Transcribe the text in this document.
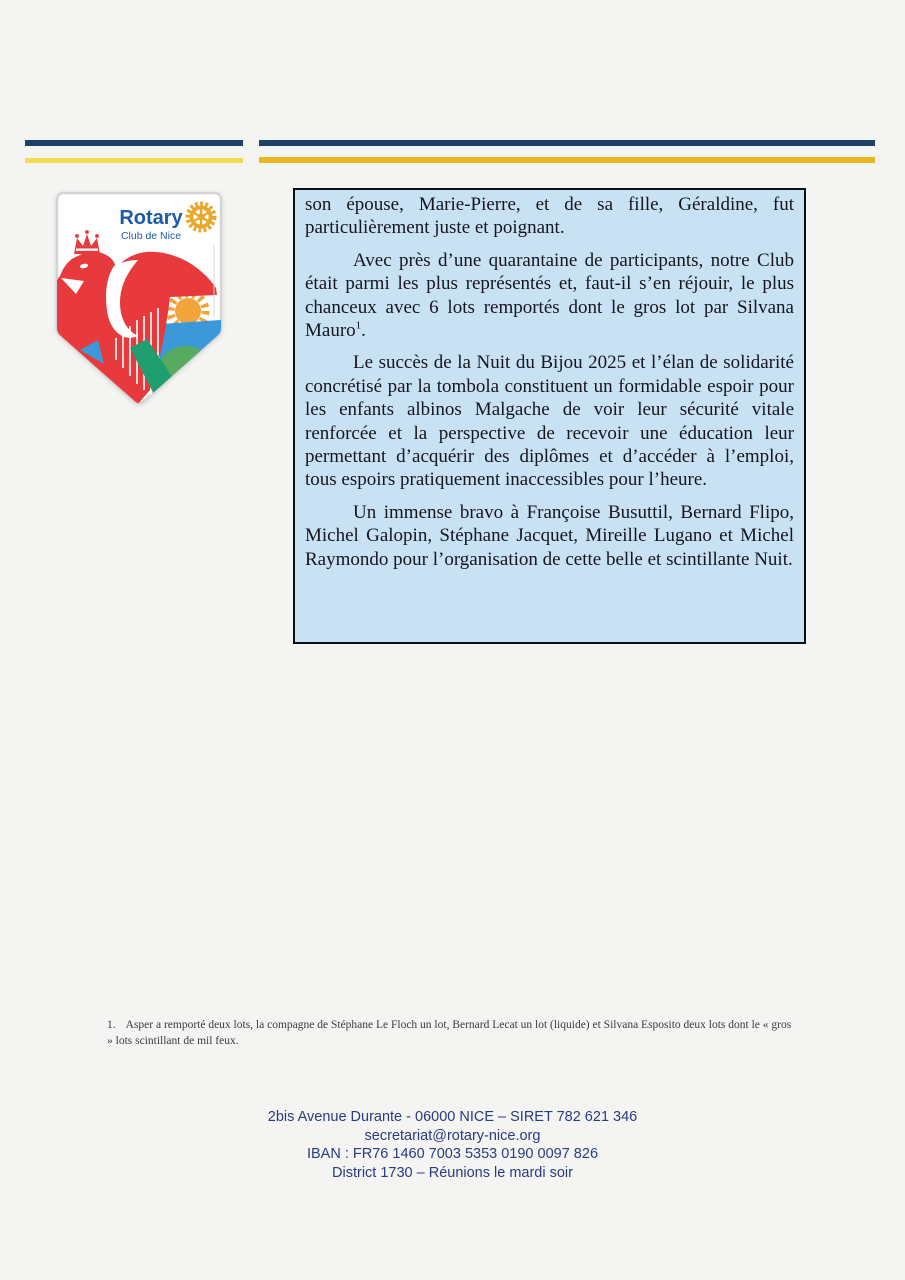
Rotary
Club de Nice

son épouse, Marie-Pierre, et de sa fille, Géraldine, fut particulièrement juste et poignant.

Avec près d’une quarantaine de participants, notre Club était parmi les plus représentés et, faut-il s’en réjouir, le plus chanceux avec 6 lots remportés dont le gros lot par Silvana Mauro$^1$.

Le succès de la Nuit du Bijou 2025 et l’élan de solidarité concrétisé par la tombola constituent un formidable espoir pour les enfants albinos Malgache de voir leur sécurité vitale renforcée et la perspective de recevoir une éducation leur permettant d’acquérir des diplômes et d’accéder à l’emploi, tous espoirs pratiquement inaccessibles pour l’heure.

Un immense bravo à Françoise Busuttil, Bernard Flipo, Michel Galopin, Stéphane Jacquet, Mireille Lugano et Michel Raymondo pour l’organisation de cette belle et scintillante Nuit.

1. Asper a remporté deux lots, la compagne de Stéphane Le Floch un lot, Bernard Lecat un lot (liquide) et Silvana Esposito deux lots dont le « gros » lots scintillant de mil feux.
2bis Avenue Durante - 06000 NICE – SIRET 782 621 346
secretariat@rotary-nice.org
IBAN : FR76 1460 7003 5353 0190 0097 826
District 1730 – Réunions le mardi soir
